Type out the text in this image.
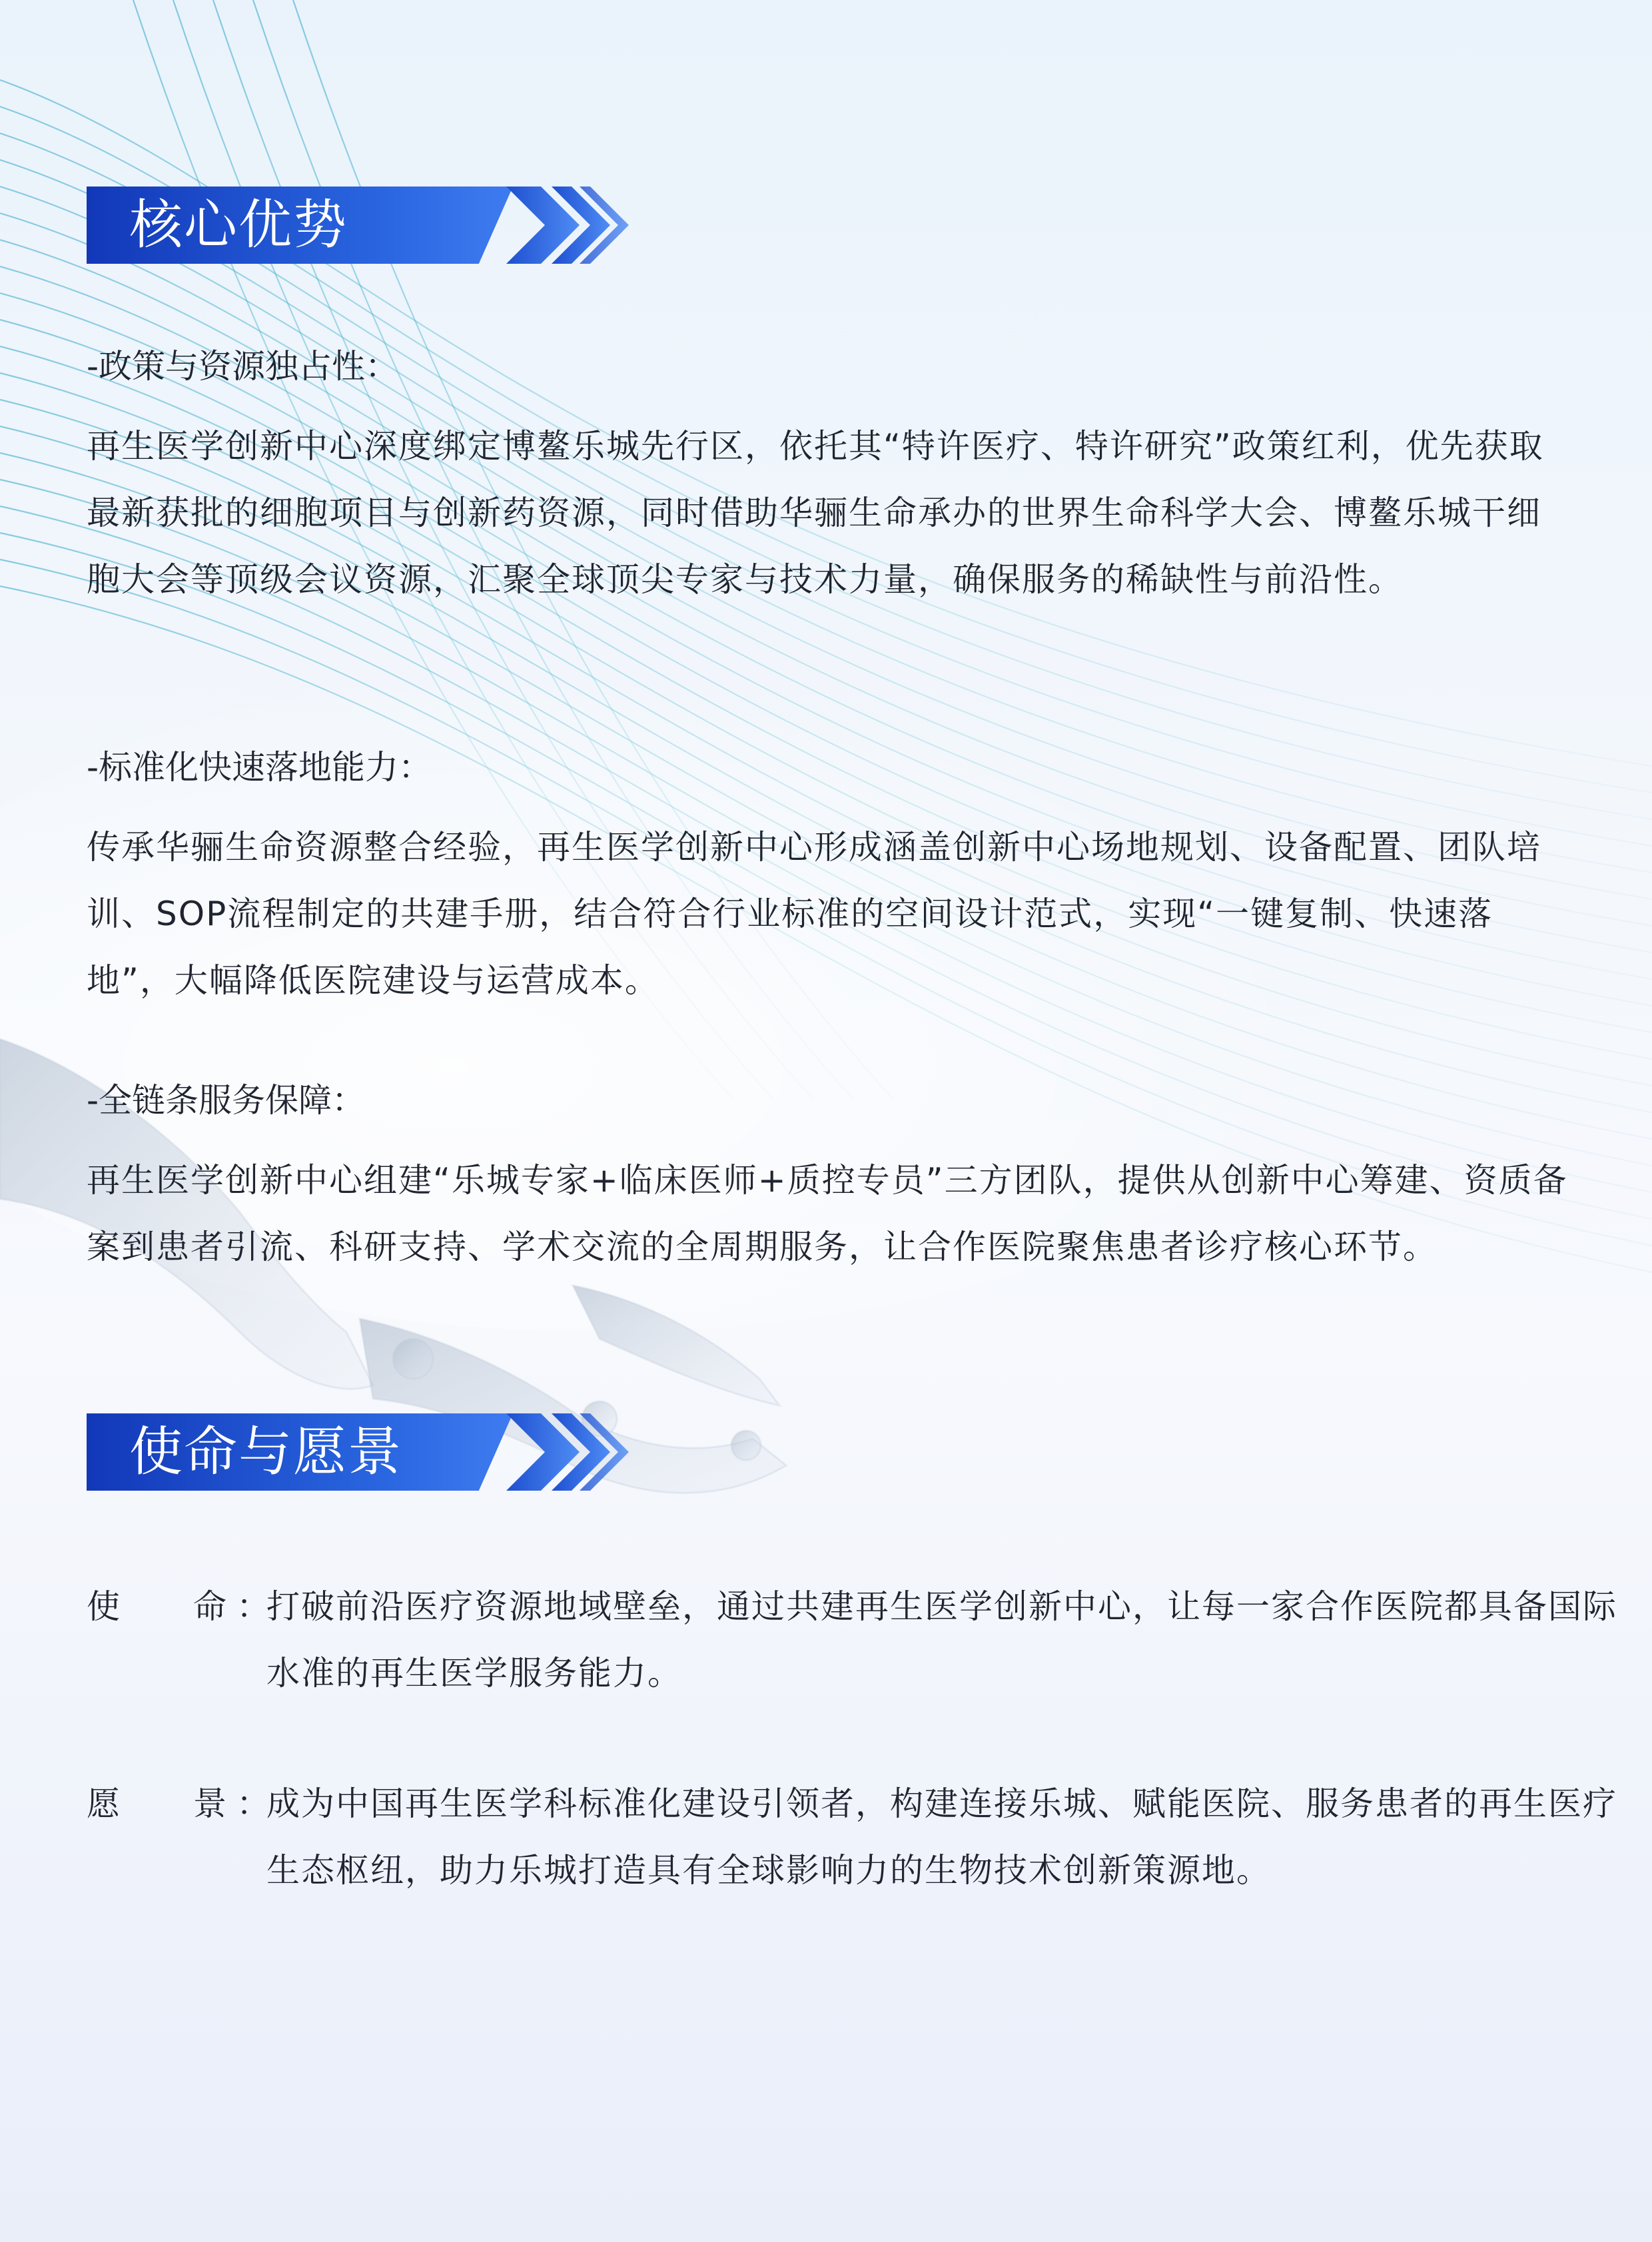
核心优势

-政策与资源独占性：

再生医学创新中心深度绑定博鳌乐城先行区，依托其“特许医疗、特许研究”政策红利，优先获取最新获批的细胞项目与创新药资源，同时借助华骊生命承办的世界生命科学大会、博鳌乐城干细胞大会等顶级会议资源，汇聚全球顶尖专家与技术力量，确保服务的稀缺性与前沿性。

-标准化快速落地能力：

传承华骊生命资源整合经验，再生医学创新中心形成涵盖创新中心场地规划、设备配置、团队培训、SOP流程制定的共建手册，结合符合行业标准的空间设计范式，实现“一键复制、快速落地”，大幅降低医院建设与运营成本。

-全链条服务保障：

再生医学创新中心组建“乐城专家+临床医师+质控专员”三方团队，提供从创新中心筹建、资质备案到患者引流、科研支持、学术交流的全周期服务，让合作医院聚焦患者诊疗核心环节。

使命与愿景
使 命 ：
打破前沿医疗资源地域壁垒，通过共建再生医学创新中心，让每一家合作医院都具备国际水准的再生医学服务能力。
愿 景 ：
成为中国再生医学科标准化建设引领者，构建连接乐城、赋能医院、服务患者的再生医疗生态枢纽，助力乐城打造具有全球影响力的生物技术创新策源地。
